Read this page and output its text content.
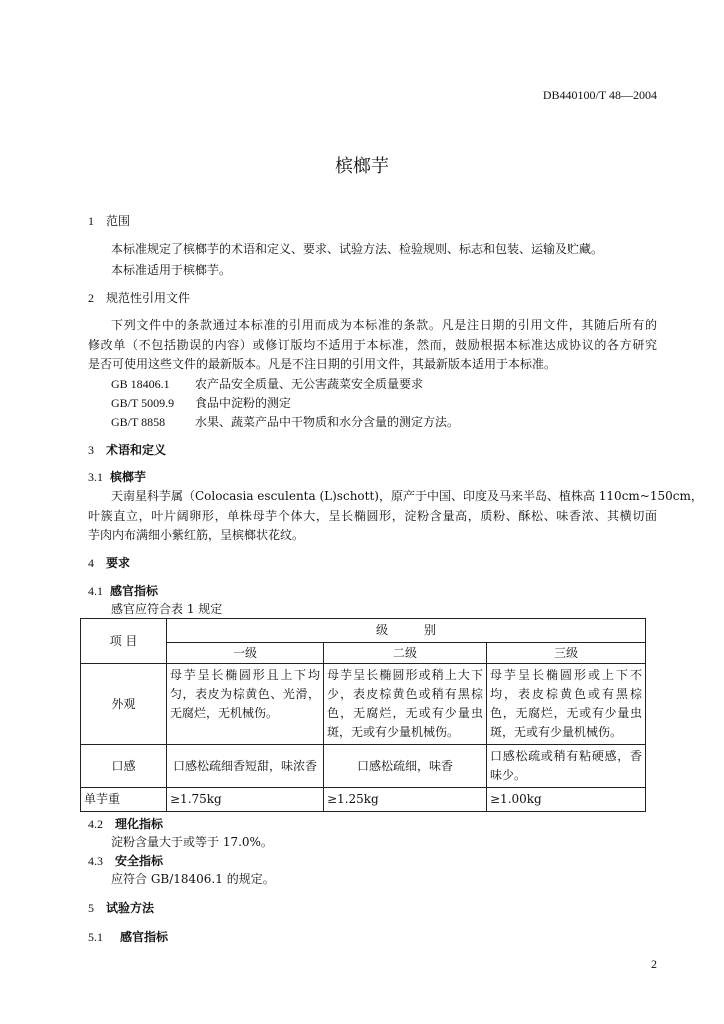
DB440100/T 48—2004
槟榔芋
1 范围
本标准规定了槟榔芋的术语和定义、要求、试验方法、检验规则、标志和包装、运输及贮藏。
本标准适用于槟榔芋。
2 规范性引用文件
下列文件中的条款通过本标准的引用而成为本标准的条款。凡是注日期的引用文件，其随后所有的
修改单（不包括勘误的内容）或修订版均不适用于本标准，然而，鼓励根据本标准达成协议的各方研究
是否可使用这些文件的最新版本。凡是不注日期的引用文件，其最新版本适用于本标准。
GB 18406.1 农产品安全质量、无公害蔬菜安全质量要求
GB/T 5009.9 食品中淀粉的测定
GB/T 8858 水果、蔬菜产品中干物质和水分含量的测定方法。
3 术语和定义
3.1 槟榔芋
天南星科芋属（Colocasia esculenta (L)schott)，原产于中国、印度及马来半岛、植株高 110cm~150cm，
叶簇直立，叶片阔卵形，单株母芋个体大，呈长椭圆形，淀粉含量高，质粉、酥松、味香浓、其横切面
芋肉内布满细小紫红筋，呈槟榔状花纹。
4 要求
4.1 感官指标
感官应符合表 1 规定
项 目	级　　　别		
	一级	二级	三级
外观	母芋呈长椭圆形且上下均匀，表皮为棕黄色、光滑，无腐烂，无机械伤。	母芋呈长椭圆形或稍上大下少，表皮棕黄色或稍有黑棕色，无腐烂，无或有少量虫斑，无或有少量机械伤。	母芋呈长椭圆形或上下不均，表皮棕黄色或有黑棕色，无腐烂，无或有少量虫斑，无或有少量机械伤。
口感	口感松疏细香短甜，味浓香	口感松疏细，味香	口感松疏或稍有粘硬感，香味少。
单芋重	≥1.75kg	≥1.25kg	≥1.00kg
4.2 理化指标
淀粉含量大于或等于 17.0%。
4.3 安全指标
应符合 GB/18406.1 的规定。
5 试验方法
5.1 感官指标
2
